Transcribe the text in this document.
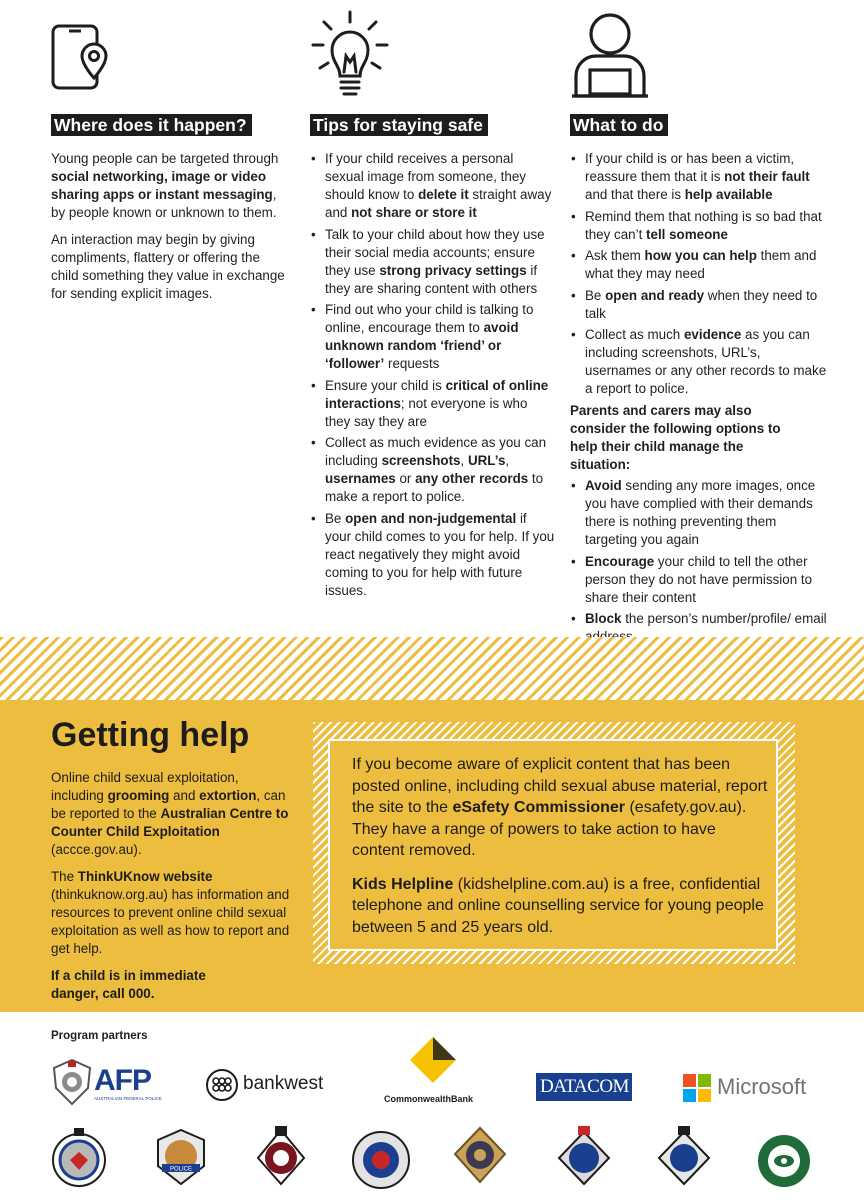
Where does it happen?

Young people can be targeted through social networking, image or video sharing apps or instant messaging, by people known or unknown to them.

An interaction may begin by giving compliments, flattery or offering the child something they value in exchange for sending explicit images.

Tips for staying safe
• If your child receives a personal sexual image from someone, they should know to delete it straight away and not share or store it
• Talk to your child about how they use their social media accounts; ensure they use strong privacy settings if they are sharing content with others
• Find out who your child is talking to online, encourage them to avoid unknown random ‘friend’ or ‘follower’ requests
• Ensure your child is critical of online interactions; not everyone is who they say they are
• Collect as much evidence as you can including screenshots, URL’s, usernames or any other records to make a report to police.
• Be open and non-judgemental if your child comes to you for help. If you react negatively they might avoid coming to you for help with future issues.
What to do
• If your child is or has been a victim, reassure them that it is not their fault and that there is help available
• Remind them that nothing is so bad that they can’t tell someone
• Ask them how you can help them and what they may need
• Be open and ready when they need to talk
• Collect as much evidence as you can including screenshots, URL’s, usernames or any other records to make a report to police.
Parents and carers may also consider the following options to help their child manage the situation:
• Avoid sending any more images, once you have complied with their demands there is nothing preventing them targeting you again
• Encourage your child to tell the other person they do not have permission to share their content
• Block the person’s number/profile/ email
Getting help

Online child sexual exploitation, including grooming and extortion, can be reported to the Australian Centre to Counter Child Exploitation (accce.gov.au).

The ThinkUKnow website (thinkuknow.org.au) has information and resources to prevent online child sexual exploitation as well as how to report and get help.

If a child is in immediate danger, call 000.

If you become aware of explicit content that has been posted online, including child sexual abuse material, report the site to the eSafety Commissioner (esafety.gov.au). They have a range of powers to take action to have content removed.

Kids Helpline (kidshelpline.com.au) is a free, confidential telephone and online counselling service for young people between 5 and 25 years old.

Program partners
AFP
AUSTRALIAN FEDERAL POLICE
bankwest
CommonwealthBank
DATACOM	Microsoft
POLICE
